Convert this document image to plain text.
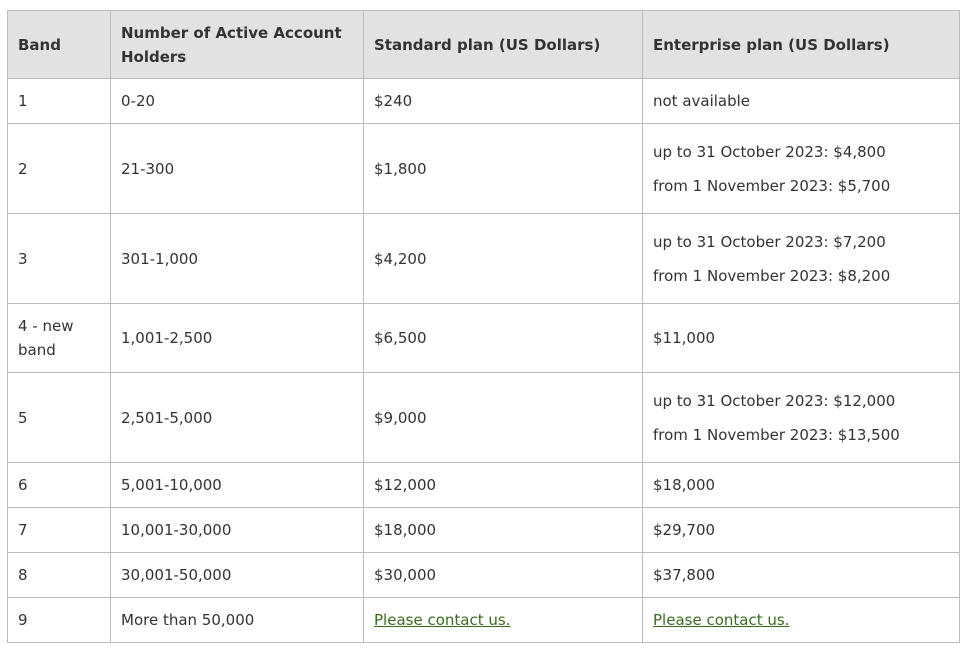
Band	Number of Active Account Holders	Standard plan (US Dollars)	Enterprise plan (US Dollars)
1	0-20	$240	not available

2	21-300	$1,800	up to 31 October 2023: $4,800
from 1 November 2023: $5,700

3	301-1,000	$4,200	up to 31 October 2023: $7,200
from 1 November 2023: $8,200

4 - new band	1,001-2,500	$6,500	$11,000

5	2,501-5,000	$9,000	up to 31 October 2023: $12,000
from 1 November 2023: $13,500

6	5,001-10,000	$12,000	$18,000

7	10,001-30,000	$18,000	$29,700

8	30,001-50,000	$30,000	$37,800

9	More than 50,000	Please contact us.	Please contact us.
